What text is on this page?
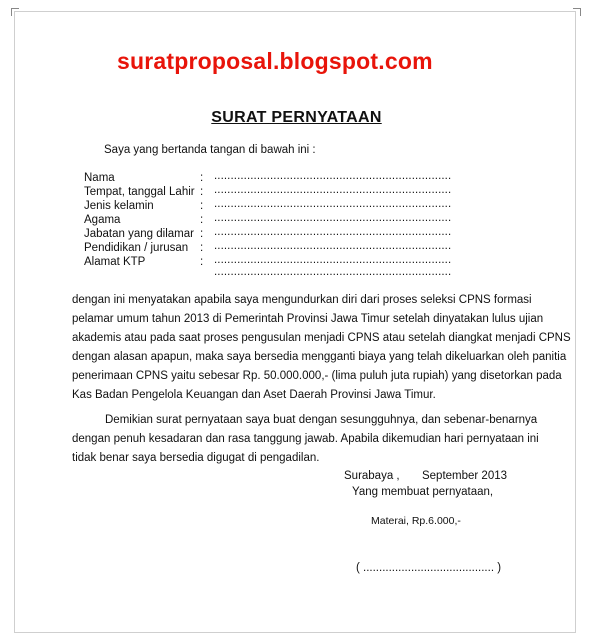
suratproposal.blogspot.com
SURAT PERNYATAAN
Saya yang bertanda tangan di bawah ini :
Nama	: ........................................................................
Tempat, tanggal Lahir : ........................................................................
Jenis kelamin	: ........................................................................
Agama	: ........................................................................
Jabatan yang dilamar : ........................................................................
Pendidikan / jurusan : ........................................................................
Alamat KTP	: ........................................................................
........................................................................
dengan ini menyatakan apabila saya mengundurkan diri dari proses seleksi CPNS formasi
pelamar umum tahun 2013 di Pemerintah Provinsi Jawa Timur setelah dinyatakan lulus ujian
akademis atau pada saat proses pengusulan menjadi CPNS atau setelah diangkat menjadi CPNS
dengan alasan apapun, maka saya bersedia mengganti biaya yang telah dikeluarkan oleh panitia
penerimaan CPNS yaitu sebesar Rp. 50.000.000,- (lima puluh juta rupiah) yang disetorkan pada
Kas Badan Pengelola Keuangan dan Aset Daerah Provinsi Jawa Timur.
Demikian surat pernyataan saya buat dengan sesungguhnya, dan sebenar-benarnya
dengan penuh kesadaran dan rasa tanggung jawab. Apabila dikemudian hari pernyataan ini
tidak benar saya bersedia digugat di pengadilan.
Surabaya ,       September 2013
Yang membuat pernyataan,
Materai, Rp.6.000,-
( ......................................... )
